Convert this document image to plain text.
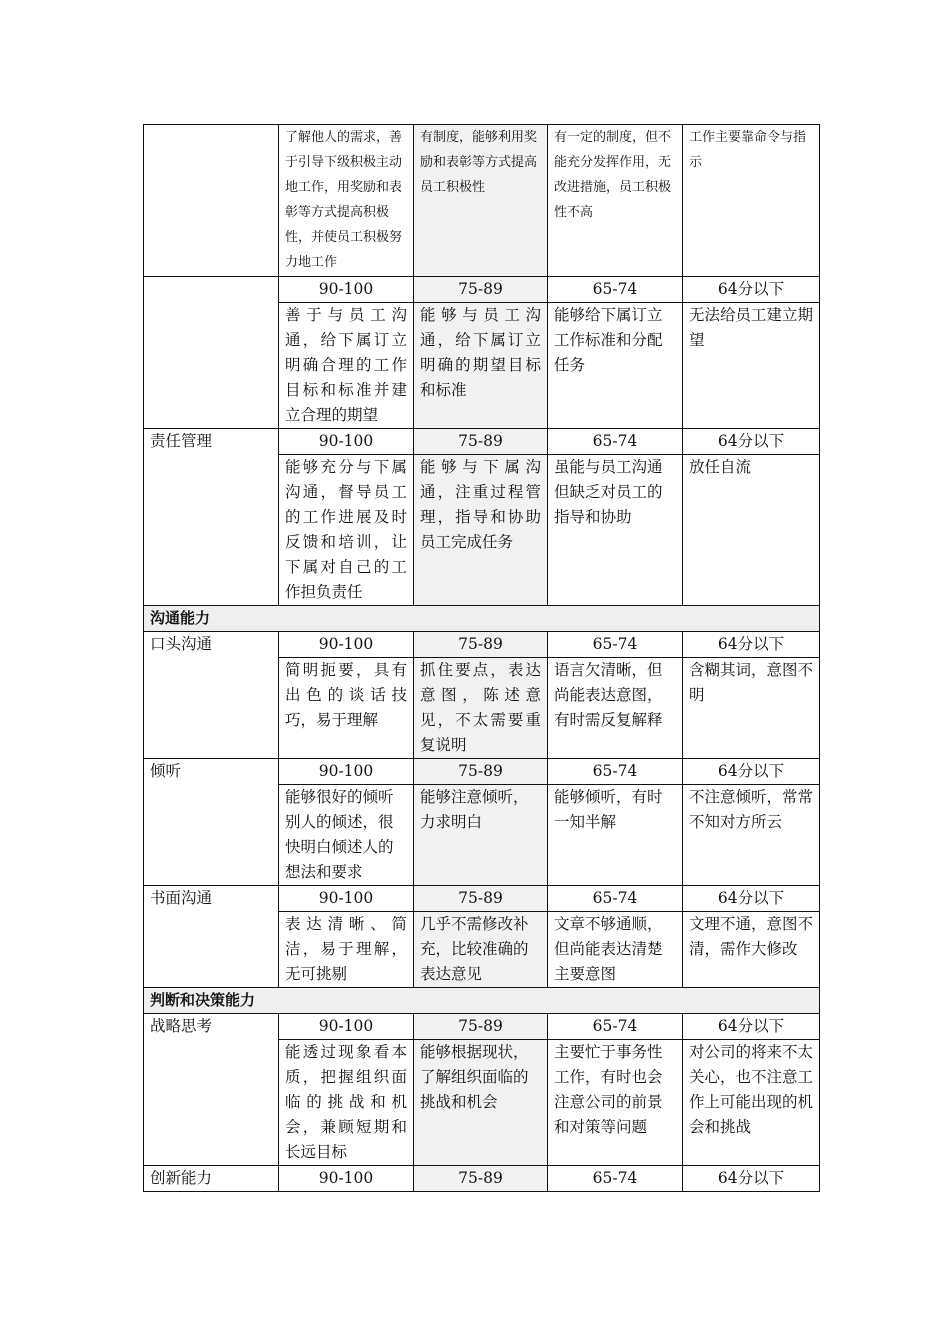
	了解他人的需求，善于引导下级积极主动地工作，用奖励和表彰等方式提高积极性，并使员工积极努力地工作	有制度，能够利用奖励和表彰等方式提高员工积极性	有一定的制度，但不能充分发挥作用，无改进措施，员工积极性不高	工作主要靠命令与指示
	90-100	75-89	65-74	64分以下
	善于与员工沟通，给下属订立明确合理的工作目标和标准并建立合理的期望	能够与员工沟通，给下属订立明确的期望目标和标准	能够给下属订立工作标准和分配任务	无法给员工建立期望
责任管理	90-100	75-89	65-74	64分以下
	能够充分与下属沟通，督导员工的工作进展及时反馈和培训，让下属对自己的工作担负责任	能够与下属沟通，注重过程管理，指导和协助员工完成任务	虽能与员工沟通但缺乏对员工的指导和协助	放任自流
沟通能力				
口头沟通	90-100	75-89	65-74	64分以下
	简明扼要，具有出色的谈话技巧，易于理解	抓住要点，表达意图，陈述意见，不太需要重复说明	语言欠清晰，但尚能表达意图，有时需反复解释	含糊其词，意图不明
倾听	90-100	75-89	65-74	64分以下
	能够很好的倾听别人的倾述，很快明白倾述人的想法和要求	能够注意倾听，力求明白	能够倾听，有时一知半解	不注意倾听，常常不知对方所云
书面沟通	90-100	75-89	65-74	64分以下
	表达清晰、简洁，易于理解，无可挑剔	几乎不需修改补充，比较准确的表达意见	文章不够通顺，但尚能表达清楚主要意图	文理不通，意图不清，需作大修改
判断和决策能力				
战略思考	90-100	75-89	65-74	64分以下
	能透过现象看本质，把握组织面临的挑战和机会，兼顾短期和长远目标	能够根据现状，了解组织面临的挑战和机会	主要忙于事务性工作，有时也会注意公司的前景和对策等问题	对公司的将来不太关心，也不注意工作上可能出现的机会和挑战
创新能力	90-100	75-89	65-74	64分以下
